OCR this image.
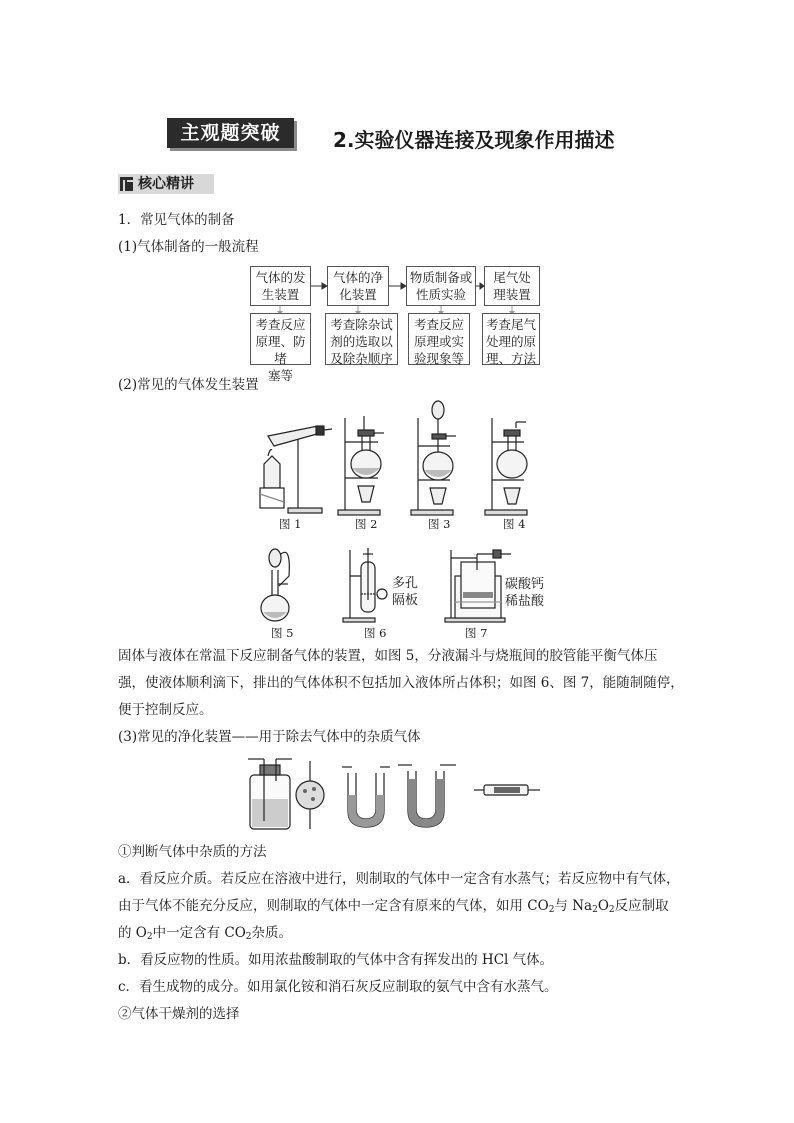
主观题突破	2.实验仪器连接及现象作用描述
核心精讲
1．常见气体的制备
(1)气体制备的一般流程
气体的发
生装置
气体的净
化装置
物质制备或
性质实验
尾气处
理装置
考查反应
原理、防堵
塞等
考查除杂试
剂的选取以
及除杂顺序
考查反应
原理或实
验现象等
考查尾气
处理的原
理、方法
(2)常见的气体发生装置
图 1	图 2	图 3	图 4
多孔
隔板
碳酸钙
稀盐酸
图 5	图 6	图 7
固体与液体在常温下反应制备气体的装置，如图 5，分液漏斗与烧瓶间的胶管能平衡气体压
强，使液体顺利滴下，排出的气体体积不包括加入液体所占体积；如图 6、图 7，能随制随停，
便于控制反应。
(3)常见的净化装置——用于除去气体中的杂质气体
①判断气体中杂质的方法
a．看反应介质。若反应在溶液中进行，则制取的气体中一定含有水蒸气；若反应物中有气体，
由于气体不能充分反应，则制取的气体中一定含有原来的气体，如用 $CO_2$与 $Na_2O_2$反应制取
的 $O_2$中一定含有 $CO_2$杂质。
b．看反应物的性质。如用浓盐酸制取的气体中含有挥发出的 HCl 气体。
c．看生成物的成分。如用氯化铵和消石灰反应制取的氨气中含有水蒸气。
②气体干燥剂的选择
